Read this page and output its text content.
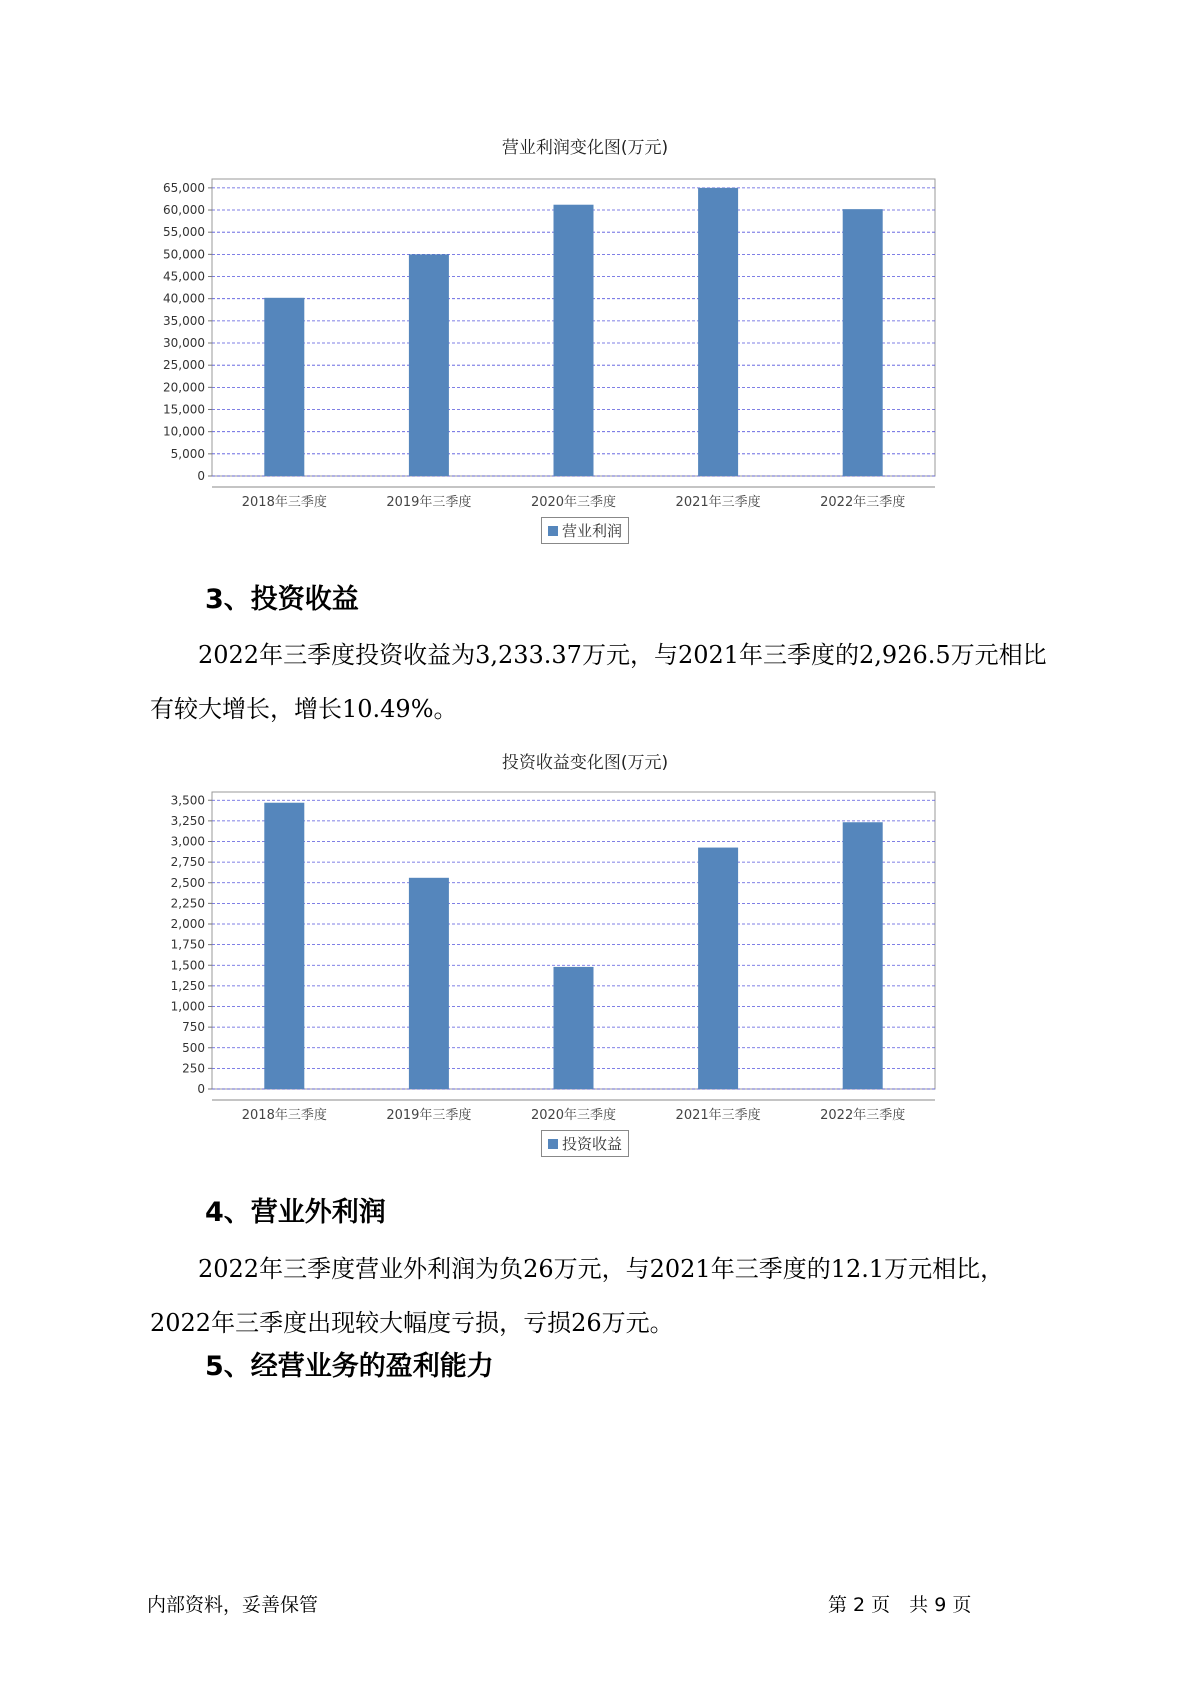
营业利润变化图(万元)
0
5,000
10,000
15,000
20,000
25,000
30,000
35,000
40,000
45,000
50,000
55,000
60,000
65,000
2018年三季度	2019年三季度	2020年三季度	2021年三季度	2022年三季度
营业利润
3、投资收益

2022年三季度投资收益为3,233.37万元，与2021年三季度的2,926.5万元相比有较大增长，增长10.49%。

投资收益变化图(万元)
0
250
500
750
1,000
1,250
1,500
1,750
2,000
2,250
2,500
2,750
3,000
3,250
3,500
2018年三季度	2019年三季度	2020年三季度	2021年三季度	2022年三季度
投资收益
4、营业外利润

2022年三季度营业外利润为负26万元，与2021年三季度的12.1万元相比，2022年三季度出现较大幅度亏损，亏损26万元。

5、经营业务的盈利能力
内部资料，妥善保管	第 2 页　共 9 页
